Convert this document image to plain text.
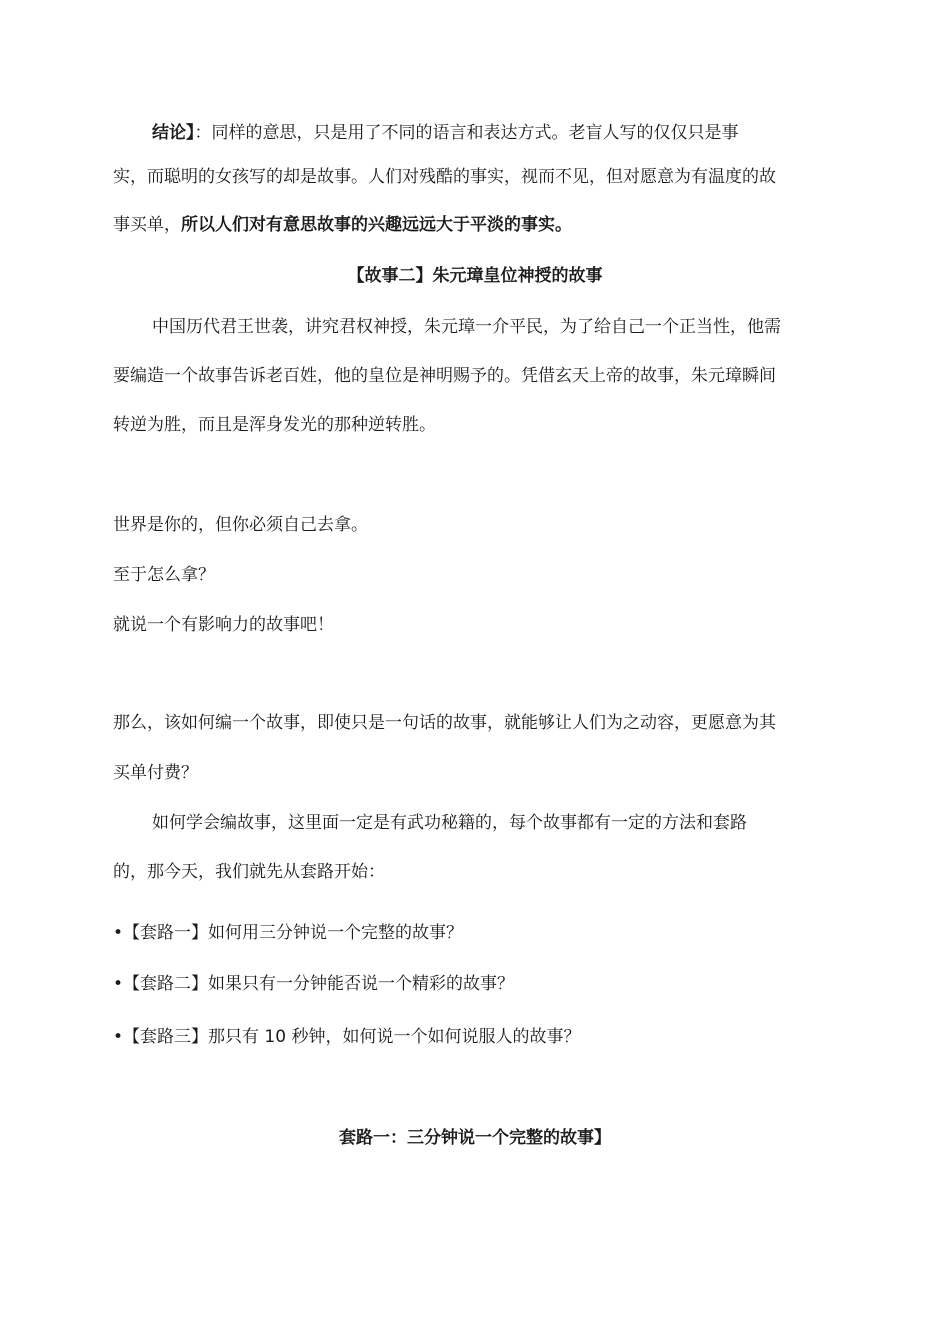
结论】：同样的意思，只是用了不同的语言和表达方式。老盲人写的仅仅只是事
实，而聪明的女孩写的却是故事。人们对残酷的事实，视而不见，但对愿意为有温度的故
事买单，所以人们对有意思故事的兴趣远远大于平淡的事实。
【故事二】朱元璋皇位神授的故事
中国历代君王世袭，讲究君权神授，朱元璋一介平民，为了给自己一个正当性，他需
要编造一个故事告诉老百姓，他的皇位是神明赐予的。凭借玄天上帝的故事，朱元璋瞬间
转逆为胜，而且是浑身发光的那种逆转胜。
世界是你的，但你必须自己去拿。
至于怎么拿？
就说一个有影响力的故事吧！
那么，该如何编一个故事，即使只是一句话的故事，就能够让人们为之动容，更愿意为其
买单付费？
如何学会编故事，这里面一定是有武功秘籍的，每个故事都有一定的方法和套路
的，那今天，我们就先从套路开始：
•【套路一】如何用三分钟说一个完整的故事？
•【套路二】如果只有一分钟能否说一个精彩的故事？
•【套路三】那只有 10 秒钟，如何说一个如何说服人的故事？
套路一：三分钟说一个完整的故事】
